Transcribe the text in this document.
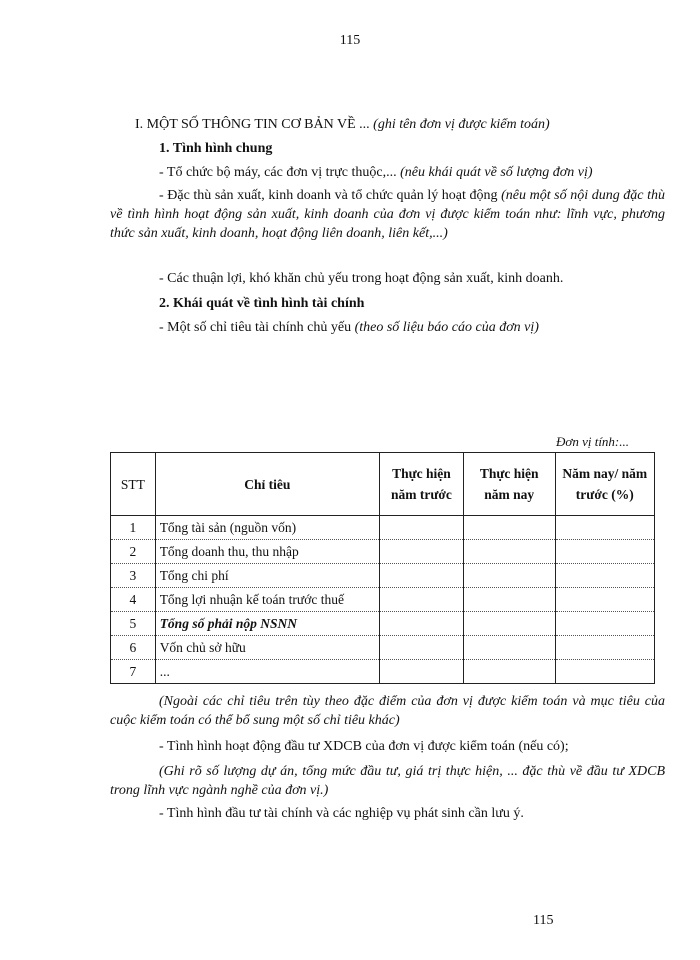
115
I. MỘT SỐ THÔNG TIN CƠ BẢN VỀ ... (ghi tên đơn vị được kiểm toán)
1. Tình hình chung
- Tổ chức bộ máy, các đơn vị trực thuộc,... (nêu khái quát về số lượng đơn vị)
- Đặc thù sản xuất, kinh doanh và tổ chức quản lý hoạt động (nêu một số nội dung đặc thù về tình hình hoạt động sản xuất, kinh doanh của đơn vị được kiểm toán như: lĩnh vực, phương thức sản xuất, kinh doanh, hoạt động liên doanh, liên kết,...)
- Các thuận lợi, khó khăn chủ yếu trong hoạt động sản xuất, kinh doanh.
2. Khái quát về tình hình tài chính
- Một số chỉ tiêu tài chính chủ yếu (theo số liệu báo cáo của đơn vị)
Đơn vị tính:...
STT	Chỉ tiêu	Thực hiện năm trước	Thực hiện năm nay	Năm nay/ năm trước (%)
1	Tổng tài sản (nguồn vốn)			
2	Tổng doanh thu, thu nhập			
3	Tổng chi phí			
4	Tổng lợi nhuận kế toán trước thuế			
5	Tổng số phải nộp NSNN			
6	Vốn chủ sở hữu			
7	...			
(Ngoài các chỉ tiêu trên tùy theo đặc điểm của đơn vị được kiểm toán và mục tiêu của cuộc kiểm toán có thể bổ sung một số chỉ tiêu khác)
- Tình hình hoạt động đầu tư XDCB của đơn vị được kiểm toán (nếu có);
(Ghi rõ số lượng dự án, tổng mức đầu tư, giá trị thực hiện, ... đặc thù về đầu tư XDCB trong lĩnh vực ngành nghề của đơn vị.)
- Tình hình đầu tư tài chính và các nghiệp vụ phát sinh cần lưu ý.
115
